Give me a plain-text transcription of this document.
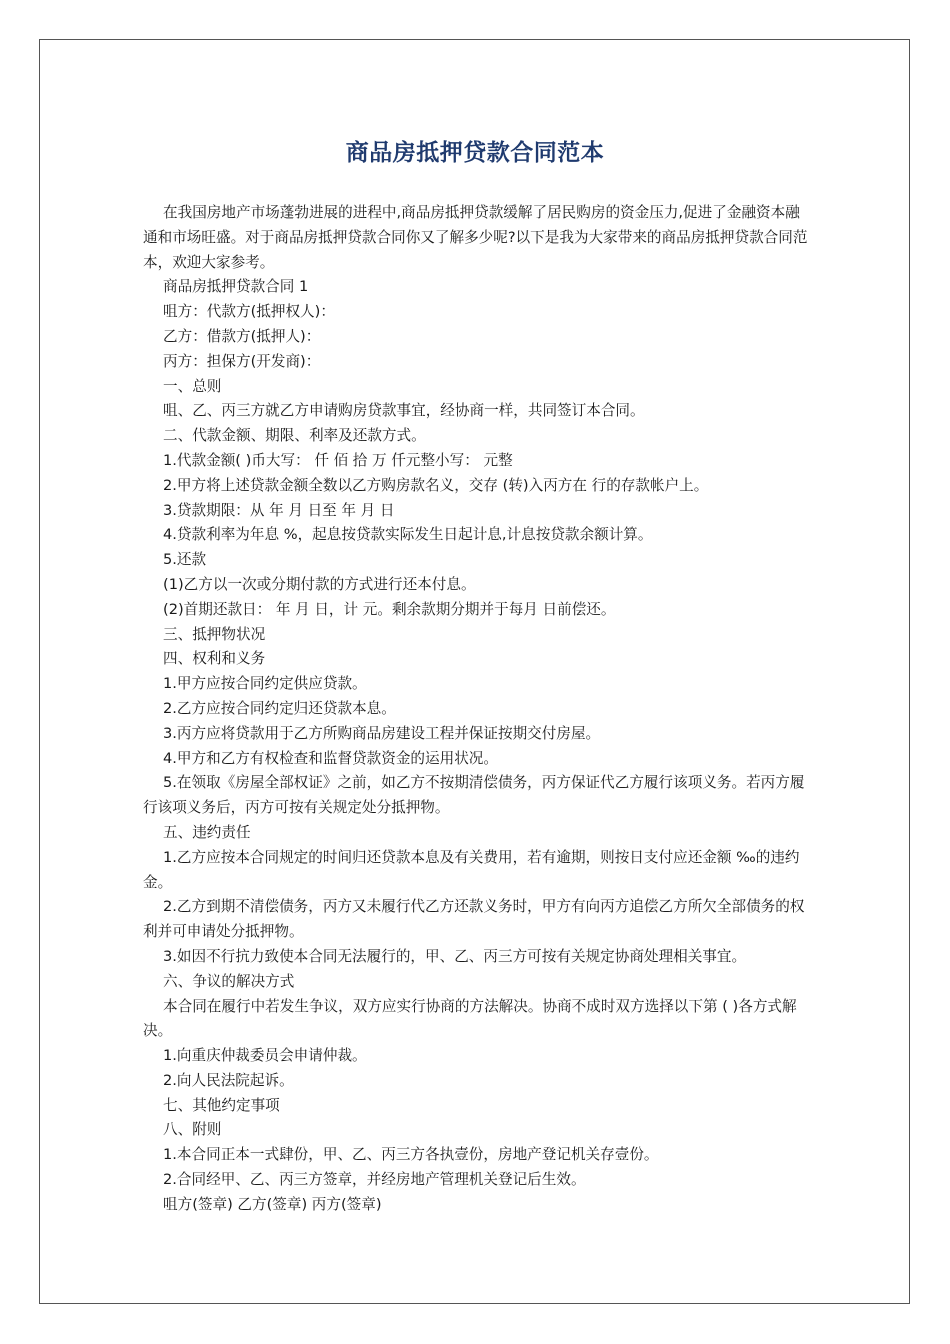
商品房抵押贷款合同范本

在我国房地产市场蓬勃进展的进程中,商品房抵押贷款缓解了居民购房的资金压力,促进了金融资本融通和市场旺盛。对于商品房抵押贷款合同你又了解多少呢?以下是我为大家带来的商品房抵押贷款合同范本，欢迎大家参考。

商品房抵押贷款合同 1

咀方：代款方(抵押权人)：

乙方：借款方(抵押人)：

丙方：担保方(开发商)：

一、总则

咀、乙、丙三方就乙方申请购房贷款事宜，经协商一样，共同签订本合同。

二、代款金额、期限、利率及还款方式。

1.代款金额( )币大写： 仟 佰 拾 万 仟元整小写： 元整

2.甲方将上述贷款金额全数以乙方购房款名义，交存 (转)入丙方在 行的存款帐户上。

3.贷款期限：从 年 月 日至 年 月 日

4.贷款利率为年息 %，起息按贷款实际发生日起计息,计息按贷款余额计算。

5.还款

(1)乙方以一次或分期付款的方式进行还本付息。

(2)首期还款日： 年 月 日，计 元。剩余款期分期并于每月 日前偿还。

三、抵押物状况

四、权利和义务

1.甲方应按合同约定供应贷款。

2.乙方应按合同约定归还贷款本息。

3.丙方应将贷款用于乙方所购商品房建设工程并保证按期交付房屋。

4.甲方和乙方有权检查和监督贷款资金的运用状况。

5.在领取《房屋全部权证》之前，如乙方不按期清偿债务，丙方保证代乙方履行该项义务。若丙方履行该项义务后，丙方可按有关规定处分抵押物。

五、违约责任

1.乙方应按本合同规定的时间归还贷款本息及有关费用，若有逾期，则按日支付应还金额 ‰的违约金。

2.乙方到期不清偿债务，丙方又未履行代乙方还款义务时，甲方有向丙方追偿乙方所欠全部债务的权利并可申请处分抵押物。

3.如因不行抗力致使本合同无法履行的，甲、乙、丙三方可按有关规定协商处理相关事宜。

六、争议的解决方式

本合同在履行中若发生争议，双方应实行协商的方法解决。协商不成时双方选择以下第 ( )各方式解决。

1.向重庆仲裁委员会申请仲裁。

2.向人民法院起诉。

七、其他约定事项

八、附则

1.本合同正本一式肆份，甲、乙、丙三方各执壹份，房地产登记机关存壹份。

2.合同经甲、乙、丙三方签章，并经房地产管理机关登记后生效。

咀方(签章) 乙方(签章) 丙方(签章)
